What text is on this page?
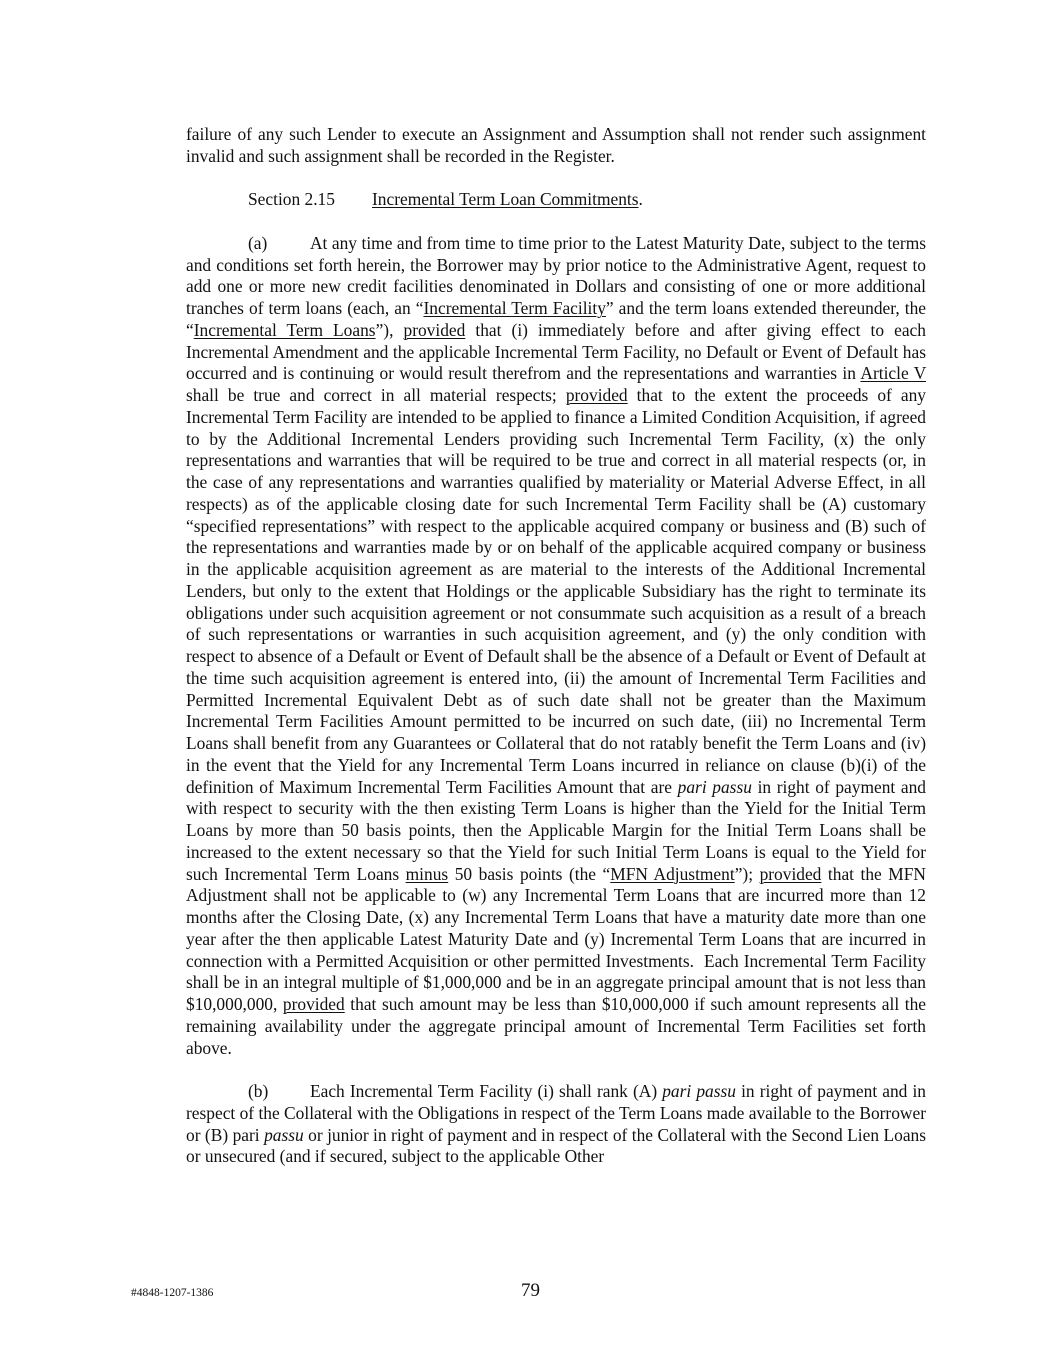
failure of any such Lender to execute an Assignment and Assumption shall not render such assignment invalid and such assignment shall be recorded in the Register.

Section 2.15 Incremental Term Loan Commitments.

(a) At any time and from time to time prior to the Latest Maturity Date, subject to the terms and conditions set forth herein, the Borrower may by prior notice to the Administrative Agent, request to add one or more new credit facilities denominated in Dollars and consisting of one or more additional tranches of term loans (each, an “Incremental Term Facility” and the term loans extended thereunder, the “Incremental Term Loans”), provided that (i) immediately before and after giving effect to each Incremental Amendment and the applicable Incremental Term Facility, no Default or Event of Default has occurred and is continuing or would result therefrom and the representations and warranties in Article V shall be true and correct in all material respects; provided that to the extent the proceeds of any Incremental Term Facility are intended to be applied to finance a Limited Condition Acquisition, if agreed to by the Additional Incremental Lenders providing such Incremental Term Facility, (x) the only representations and warranties that will be required to be true and correct in all material respects (or, in the case of any representations and warranties qualified by materiality or Material Adverse Effect, in all respects) as of the applicable closing date for such Incremental Term Facility shall be (A) customary “specified representations” with respect to the applicable acquired company or business and (B) such of the representations and warranties made by or on behalf of the applicable acquired company or business in the applicable acquisition agreement as are material to the interests of the Additional Incremental Lenders, but only to the extent that Holdings or the applicable Subsidiary has the right to terminate its obligations under such acquisition agreement or not consummate such acquisition as a result of a breach of such representations or warranties in such acquisition agreement, and (y) the only condition with respect to absence of a Default or Event of Default shall be the absence of a Default or Event of Default at the time such acquisition agreement is entered into, (ii) the amount of Incremental Term Facilities and Permitted Incremental Equivalent Debt as of such date shall not be greater than the Maximum Incremental Term Facilities Amount permitted to be incurred on such date, (iii) no Incremental Term Loans shall benefit from any Guarantees or Collateral that do not ratably benefit the Term Loans and (iv) in the event that the Yield for any Incremental Term Loans incurred in reliance on clause (b)(i) of the definition of Maximum Incremental Term Facilities Amount that are pari passu in right of payment and with respect to security with the then existing Term Loans is higher than the Yield for the Initial Term Loans by more than 50 basis points, then the Applicable Margin for the Initial Term Loans shall be increased to the extent necessary so that the Yield for such Initial Term Loans is equal to the Yield for such Incremental Term Loans minus 50 basis points (the “MFN Adjustment”); provided that the MFN Adjustment shall not be applicable to (w) any Incremental Term Loans that are incurred more than 12 months after the Closing Date, (x) any Incremental Term Loans that have a maturity date more than one year after the then applicable Latest Maturity Date and (y) Incremental Term Loans that are incurred in connection with a Permitted Acquisition or other permitted Investments.  Each Incremental Term Facility shall be in an integral multiple of $1,000,000 and be in an aggregate principal amount that is not less than $10,000,000, provided that such amount may be less than $10,000,000 if such amount represents all the remaining availability under the aggregate principal amount of Incremental Term Facilities set forth above.

(b) Each Incremental Term Facility (i) shall rank (A) pari passu in right of payment and in respect of the Collateral with the Obligations in respect of the Term Loans made available to the Borrower or (B) pari passu or junior in right of payment and in respect of the Collateral with the Second Lien Loans or unsecured (and if secured, subject to the applicable Other

#4848-1207-1386	79
